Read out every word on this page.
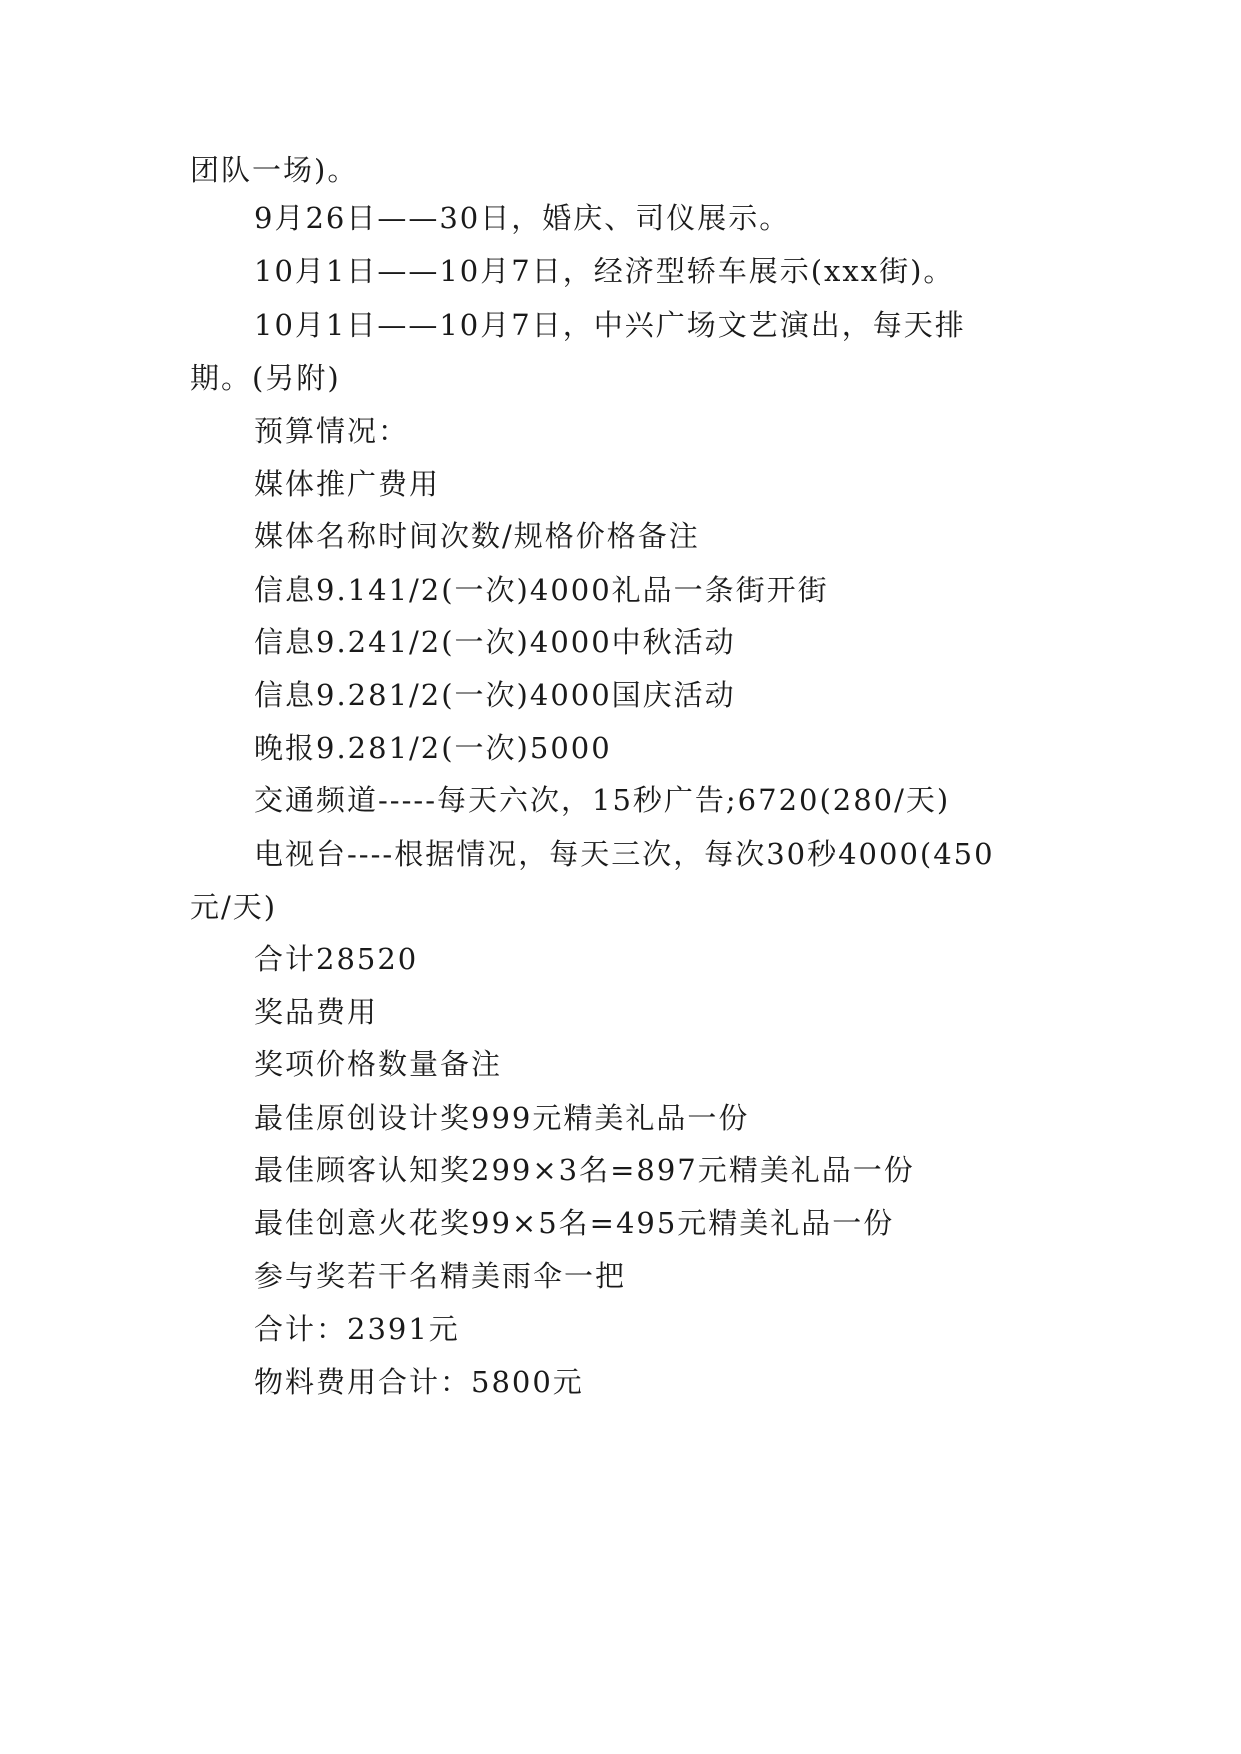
团队一场)。
9月26日——30日，婚庆、司仪展示。
10月1日——10月7日，经济型轿车展示(xxx街)。
10月1日——10月7日，中兴广场文艺演出，每天排
期。(另附)
预算情况：
媒体推广费用
媒体名称时间次数/规格价格备注
信息9.141/2(一次)4000礼品一条街开街
信息9.241/2(一次)4000中秋活动
信息9.281/2(一次)4000国庆活动
晚报9.281/2(一次)5000
交通频道-----每天六次，15秒广告;6720(280/天)
电视台----根据情况，每天三次，每次30秒4000(450
元/天)
合计28520
奖品费用
奖项价格数量备注
最佳原创设计奖999元精美礼品一份
最佳顾客认知奖299×3名=897元精美礼品一份
最佳创意火花奖99×5名=495元精美礼品一份
参与奖若干名精美雨伞一把
合计：2391元
物料费用合计：5800元
